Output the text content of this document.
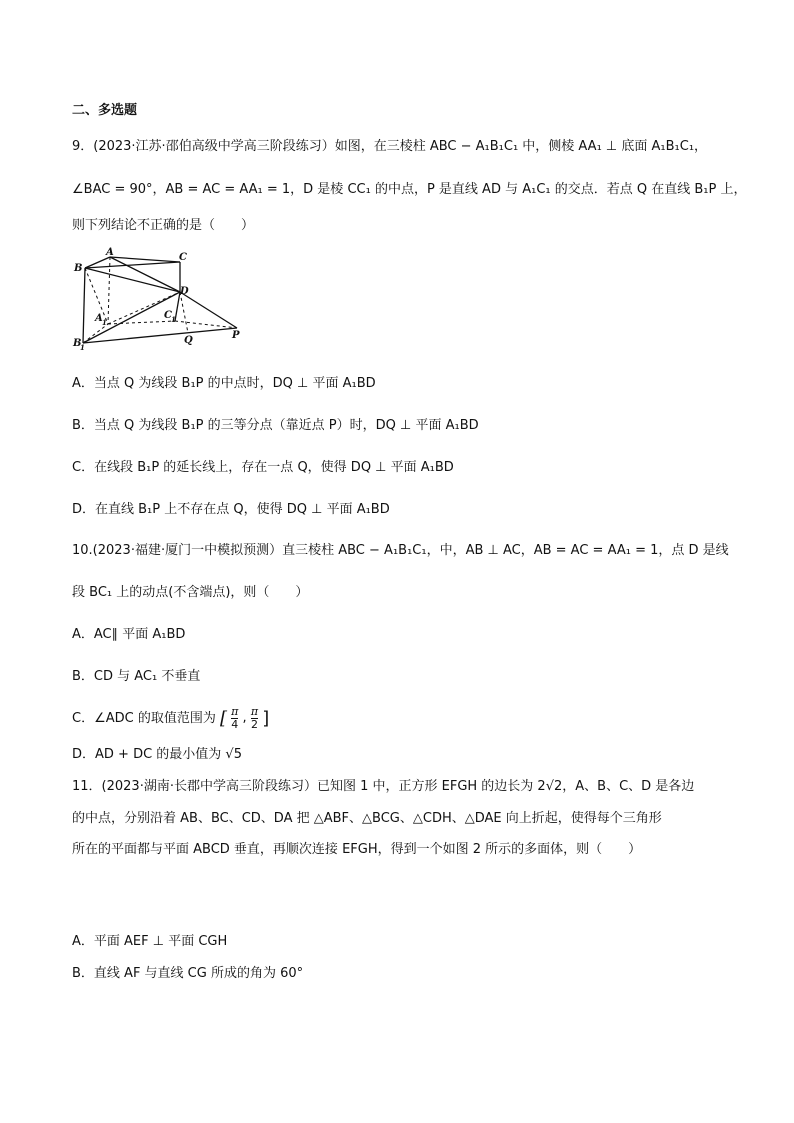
二、多选题
9．(2023·江苏·邵伯高级中学高三阶段练习）如图，在三棱柱 ABC − A₁B₁C₁ 中，侧棱 AA₁ ⊥ 底面 A₁B₁C₁，
∠BAC = 90°，AB = AC = AA₁ = 1，D 是棱 CC₁ 的中点，P 是直线 AD 与 A₁C₁ 的交点．若点 Q 在直线 B₁P 上，
则下列结论不正确的是（　　）
A
B
C
D
A 1
C 1
B
1
Q	P
A．当点 Q 为线段 B₁P 的中点时，DQ ⊥ 平面 A₁BD
B．当点 Q 为线段 B₁P 的三等分点（靠近点 P）时，DQ ⊥ 平面 A₁BD
C．在线段 B₁P 的延长线上，存在一点 Q，使得 DQ ⊥ 平面 A₁BD
D．在直线 B₁P 上不存在点 Q，使得 DQ ⊥ 平面 A₁BD
10.(2023·福建·厦门一中模拟预测）直三棱柱 ABC − A₁B₁C₁，中，AB ⊥ AC，AB = AC = AA₁ = 1，点 D 是线
段 BC₁ 上的动点(不含端点)，则（　　）
A．AC∥ 平面 A₁BD
B．CD 与 AC₁ 不垂直
C．∠ADC 的取值范围为 [ $\frac{\pi}{4}$ , $\frac{\pi}{2}$ ]
D．AD + DC 的最小值为 √5
11．(2023·湖南·长郡中学高三阶段练习）已知图 1 中，正方形 EFGH 的边长为 2√2，A、B、C、D 是各边
的中点，分别沿着 AB、BC、CD、DA 把 △ABF、△BCG、△CDH、△DAE 向上折起，使得每个三角形
所在的平面都与平面 ABCD 垂直，再顺次连接 EFGH，得到一个如图 2 所示的多面体，则（　　）
A．平面 AEF ⊥ 平面 CGH
B．直线 AF 与直线 CG 所成的角为 60°
